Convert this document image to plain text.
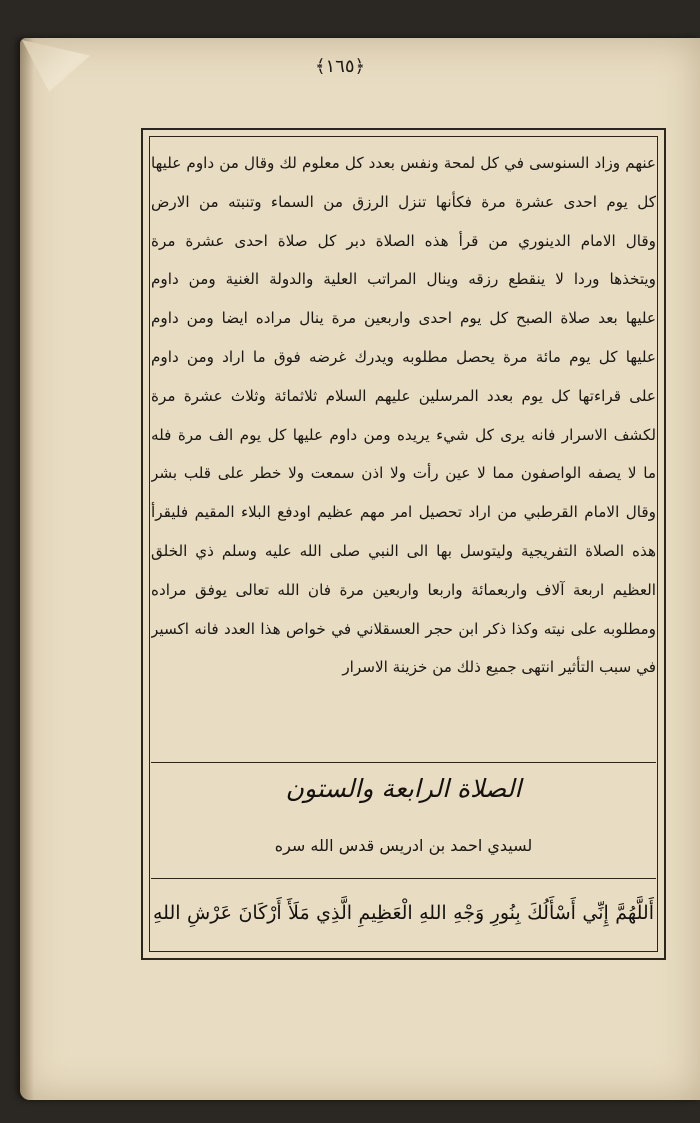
﴿١٦٥﴾
عنهم وزاد السنوسى في كل لمحة ونفس بعدد كل معلوم لك وقال من داوم عليها
كل يوم احدى عشرة مرة فكأنها تنزل الرزق من السماء وتنبته من الارض
وقال الامام الدينوري من قرأ هذه الصلاة دبر كل صلاة احدى عشرة مرة
ويتخذها وردا لا ينقطع رزقه وينال المراتب العلية والدولة الغنية ومن داوم
عليها بعد صلاة الصبح كل يوم احدى واربعين مرة ينال مراده ايضا ومن داوم
عليها كل يوم مائة مرة يحصل مطلوبه ويدرك غرضه فوق ما اراد ومن داوم
على قراءتها كل يوم بعدد المرسلين عليهم السلام ثلاثمائة وثلاث عشرة مرة
لكشف الاسرار فانه يرى كل شيء يريده ومن داوم عليها كل يوم الف مرة فله
ما لا يصفه الواصفون مما لا عين رأت ولا اذن سمعت ولا خطر على قلب بشر
وقال الامام القرطبي من اراد تحصيل امر مهم عظيم اودفع البلاء المقيم فليقرأ
هذه الصلاة التفريجية وليتوسل بها الى النبي صلى الله عليه وسلم ذي الخلق
العظيم اربعة آلاف واربعمائة واربعا واربعين مرة فان الله تعالى يوفق مراده
ومطلوبه على نيته وكذا ذكر ابن حجر العسقلاني في خواص هذا العدد فانه اكسير
في سبب التأثير انتهى جميع ذلك من خزينة الاسرار
الصلاة الرابعة والستون
لسيدي احمد بن ادريس قدس الله سره
أَللَّهُمَّ إِنِّي أَسْأَلُكَ بِنُورِ وَجْهِ اللهِ الْعَظِيمِ الَّذِي مَلَأَ أَرْكَانَ عَرْشِ اللهِ
